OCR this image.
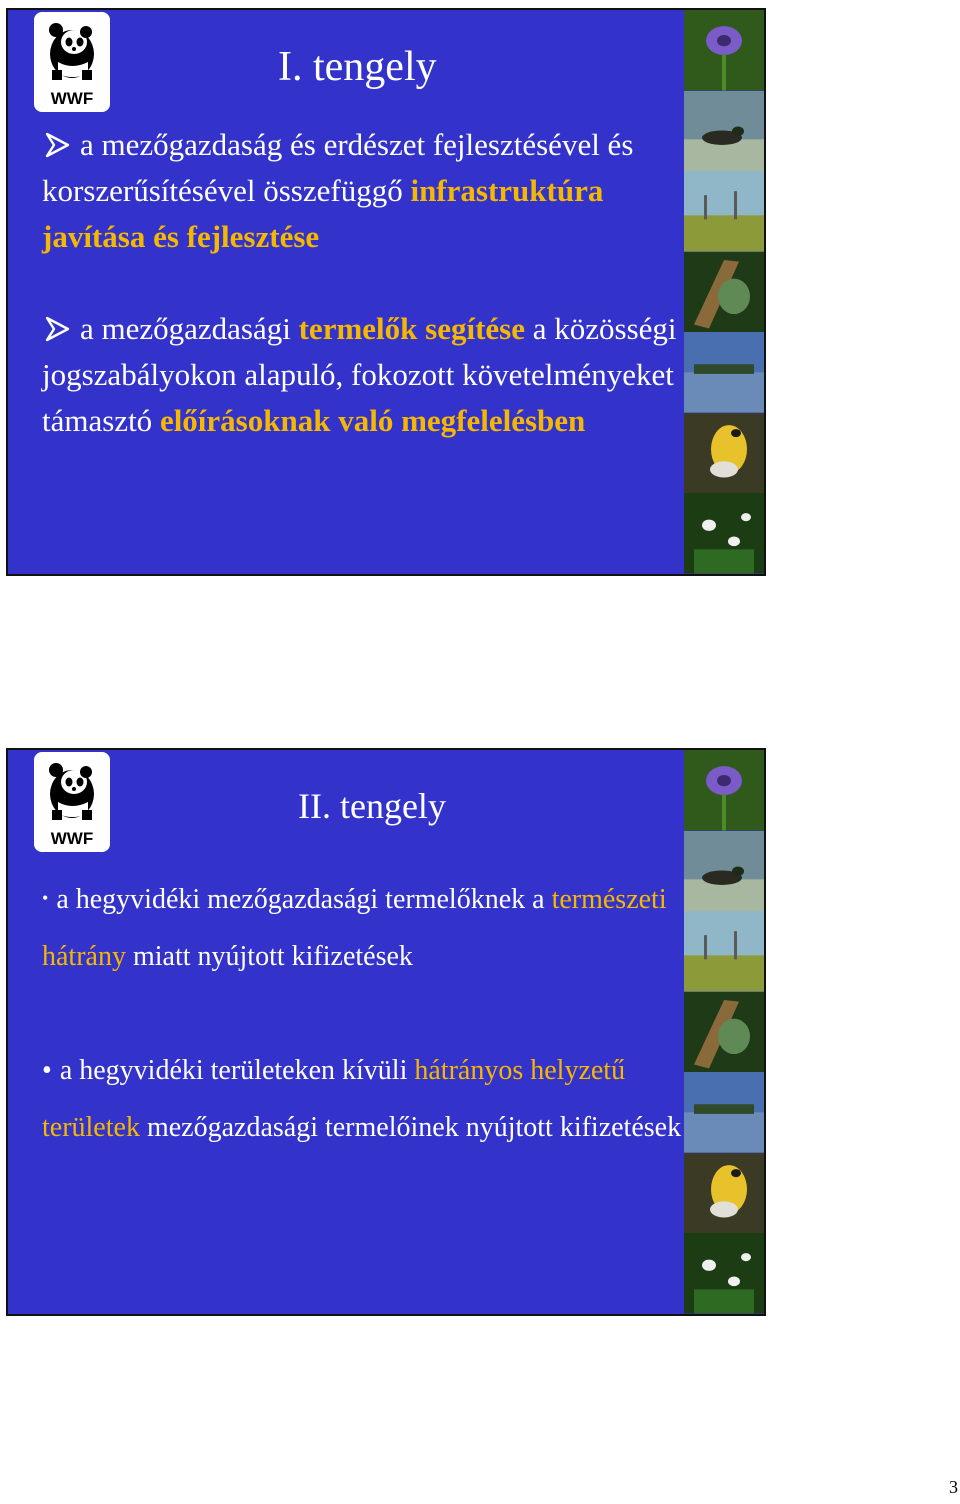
WWF
I. tengely

a mezőgazdaság és erdészet fejlesztésével és korszerűsítésével összefüggő infrastruktúra javítása és fejlesztése

a mezőgazdasági termelők segítése a közösségi jogszabályokon alapuló, fokozott követelményeket támasztó előírásoknak való megfelelésben

WWF
II. tengely

• a hegyvidéki mezőgazdasági termelőknek a természeti hátrány miatt nyújtott kifizetések

• a hegyvidéki területeken kívüli hátrányos helyzetű területek mezőgazdasági termelőinek nyújtott kifizetések

3
